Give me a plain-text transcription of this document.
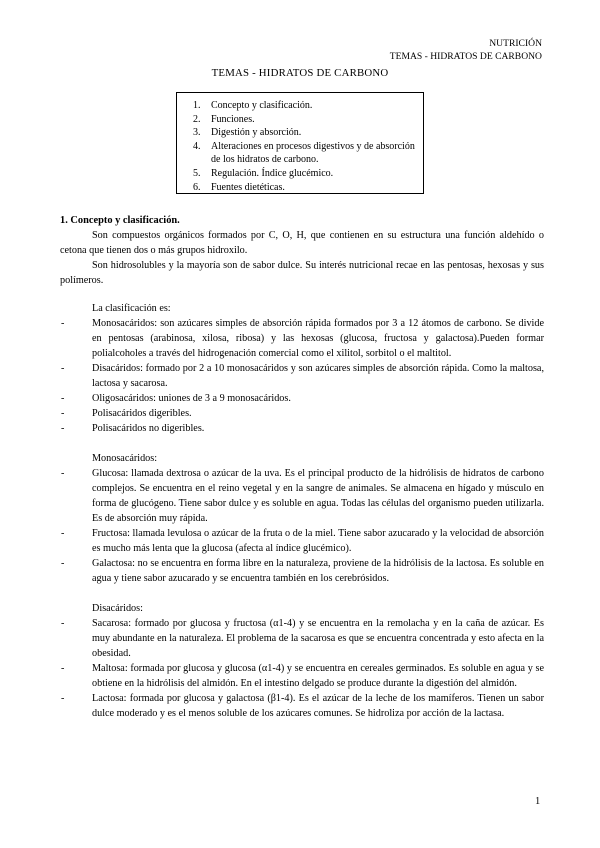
NUTRICIÓN
TEMAS - HIDRATOS DE CARBONO
TEMAS - HIDRATOS DE CARBONO
1.	Concepto y clasificación.
2.	Funciones.
3.	Digestión y absorción.
4.	Alteraciones en procesos digestivos y de absorción de los hidratos de carbono.
5.	Regulación. Índice glucémico.
6.	Fuentes dietéticas.
1. Concepto y clasificación.

Son compuestos orgánicos formados por C, O, H, que contienen en su estructura una función aldehído o cetona que tienen dos o más grupos hidroxilo.

Son hidrosolubles y la mayoría son de sabor dulce. Su interés nutricional recae en las pentosas, hexosas y sus polímeros.

La clasificación es:
- Monosacáridos: son azúcares simples de absorción rápida formados por 3 a 12 átomos de carbono. Se divide en pentosas (arabinosa, xilosa, ribosa) y las hexosas (glucosa, fructosa y galactosa).Pueden formar polialcoholes a través del hidrogenación comercial como el xilitol, sorbitol o el maltitol.
- Disacáridos: formado por 2 a 10 monosacáridos y son azúcares simples de absorción rápida. Como la maltosa, lactosa y sacarosa.
- Oligosacáridos: uniones de 3 a 9 monosacáridos.
- Polisacáridos digeribles.
- Polisacáridos no digeribles.
Monosacáridos:
- Glucosa: llamada dextrosa o azúcar de la uva. Es el principal producto de la hidrólisis de hidratos de carbono complejos. Se encuentra en el reino vegetal y en la sangre de animales. Se almacena en hígado y músculo en forma de glucógeno. Tiene sabor dulce y es soluble en agua. Todas las células del organismo pueden utilizarla. Es de absorción muy rápida.
- Fructosa: llamada levulosa o azúcar de la fruta o de la miel. Tiene sabor azucarado y la velocidad de absorción es mucho más lenta que la glucosa (afecta al índice glucémico).
- Galactosa: no se encuentra en forma libre en la naturaleza, proviene de la hidrólisis de la lactosa. Es soluble en agua y tiene sabor azucarado y se encuentra también en los cerebrósidos.
Disacáridos:
- Sacarosa: formado por glucosa y fructosa (α1-4) y se encuentra en la remolacha y en la caña de azúcar. Es muy abundante en la naturaleza. El problema de la sacarosa es que se encuentra concentrada y esto afecta en la obesidad.
- Maltosa: formada por glucosa y glucosa (α1-4) y se encuentra en cereales germinados. Es soluble en agua y se obtiene en la hidrólisis del almidón. En el intestino delgado se produce durante la digestión del almidón.
- Lactosa: formada por glucosa y galactosa (β1-4). Es el azúcar de la leche de los mamíferos. Tienen un sabor dulce moderado y es el menos soluble de los azúcares comunes. Se hidroliza por acción de la lactasa.
1
